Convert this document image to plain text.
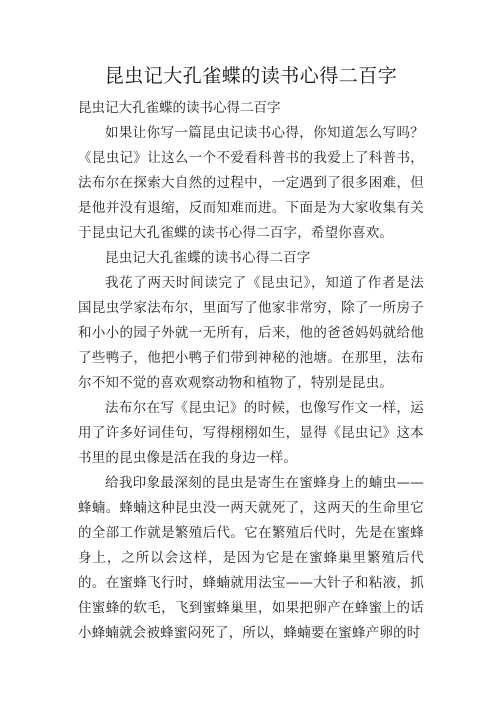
昆虫记大孔雀蝶的读书心得二百字

昆虫记大孔雀蝶的读书心得二百字

如果让你写一篇昆虫记读书心得，你知道怎么写吗？《昆虫记》让这么一个不爱看科普书的我爱上了科普书，法布尔在探索大自然的过程中，一定遇到了很多困难，但是他并没有退缩，反而知难而进。下面是为大家收集有关于昆虫记大孔雀蝶的读书心得二百字，希望你喜欢。

昆虫记大孔雀蝶的读书心得二百字

我花了两天时间读完了《昆虫记》，知道了作者是法国昆虫学家法布尔，里面写了他家非常穷，除了一所房子和小小的园子外就一无所有，后来，他的爸爸妈妈就给他了些鸭子，他把小鸭子们带到神秘的池塘。在那里，法布尔不知不觉的喜欢观察动物和植物了，特别是昆虫。

法布尔在写《昆虫记》的时候，也像写作文一样，运用了许多好词佳句，写得栩栩如生，显得《昆虫记》这本书里的昆虫像是活在我的身边一样。

给我印象最深刻的昆虫是寄生在蜜蜂身上的蝻虫——蜂蝻。蜂蝻这种昆虫没一两天就死了，这两天的生命里它的全部工作就是繁殖后代。它在繁殖后代时，先是在蜜蜂身上，之所以会这样，是因为它是在蜜蜂巢里繁殖后代的。在蜜蜂飞行时，蜂蝻就用法宝——大针子和粘液，抓住蜜蜂的软毛，飞到蜜蜂巢里，如果把卵产在蜂蜜上的话小蜂蝻就会被蜂蜜闷死了，所以，蜂蝻要在蜜蜂产卵的时
